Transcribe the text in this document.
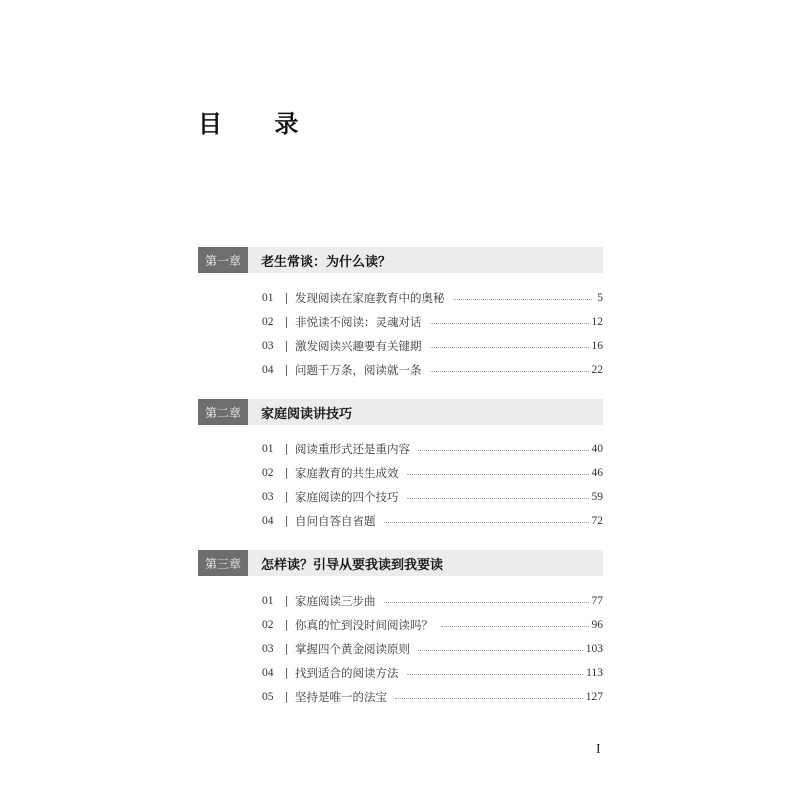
目 录
第一章	老生常谈：为什么读？
01	发现阅读在家庭教育中的奥秘	5
02	非悦读不阅读：灵魂对话	12
03	激发阅读兴趣要有关键期	16
04	问题千万条，阅读就一条	22
第二章	家庭阅读讲技巧
01	阅读重形式还是重内容	40
02	家庭教育的共生成效	46
03	家庭阅读的四个技巧	59
04	自问自答自省题	72
第三章	怎样读？引导从要我读到我要读
01	家庭阅读三步曲	77
02	你真的忙到没时间阅读吗？	96
03	掌握四个黄金阅读原则	103
04	找到适合的阅读方法	113
05	坚持是唯一的法宝	127
I
